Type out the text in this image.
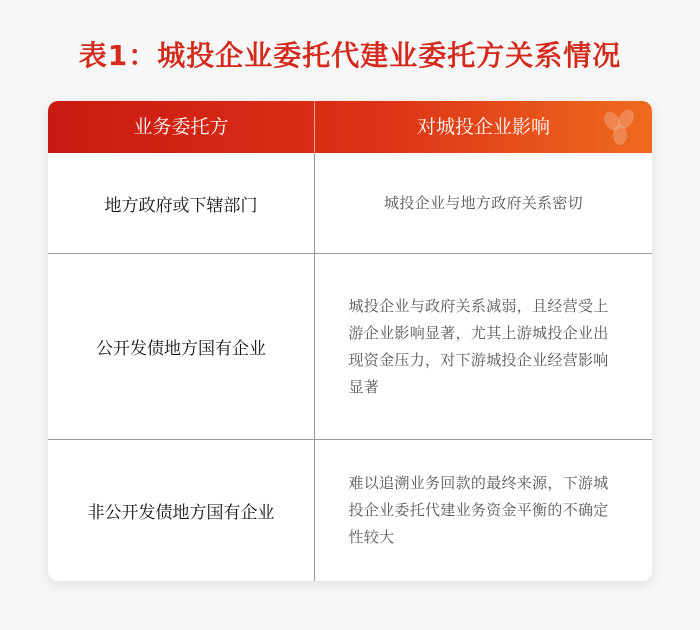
表1：城投企业委托代建业委托方关系情况
业务委托方	对城投企业影响
地方政府或下辖部门	城投企业与地方政府关系密切
公开发债地方国有企业
城投企业与政府关系减弱，且经营受上游企业影响显著，尤其上游城投企业出现资金压力，对下游城投企业经营影响显著
非公开发债地方国有企业
难以追溯业务回款的最终来源，下游城投企业委托代建业务资金平衡的不确定性较大
